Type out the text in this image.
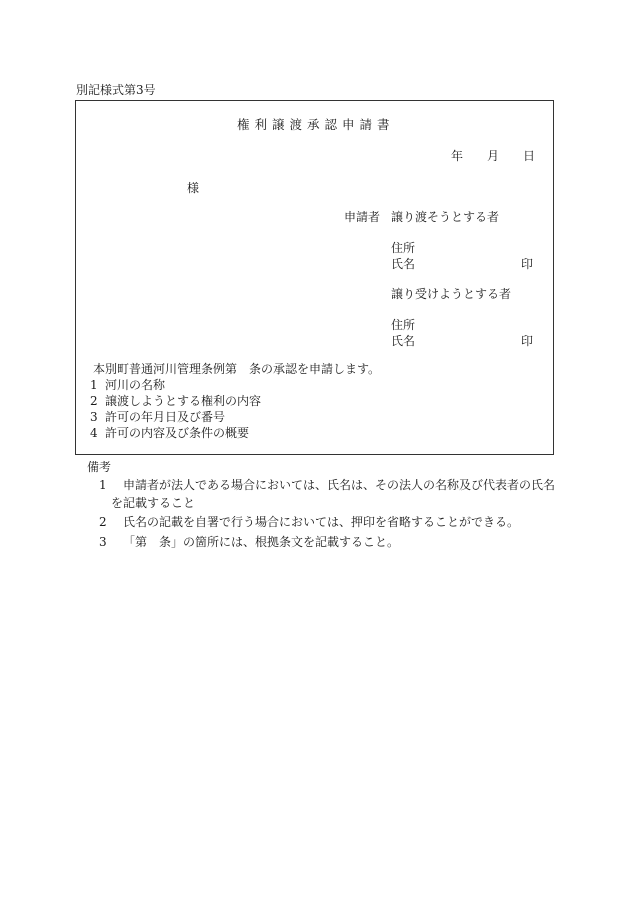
別記様式第3号
権利譲渡承認申請書
年 月 日
様
申請者 譲り渡そうとする者
住所
氏名	印
譲り受けようとする者
住所
氏名	印
本別町普通河川管理条例第　条の承認を申請します。
1 河川の名称
2 譲渡しようとする権利の内容
3 許可の年月日及び番号
4 許可の内容及び条件の概要
備考
1 申請者が法人である場合においては、氏名は、その法人の名称及び代表者の氏名
を記載すること
2 氏名の記載を自署で行う場合においては、押印を省略することができる。
3 「第　条」の箇所には、根拠条文を記載すること。
